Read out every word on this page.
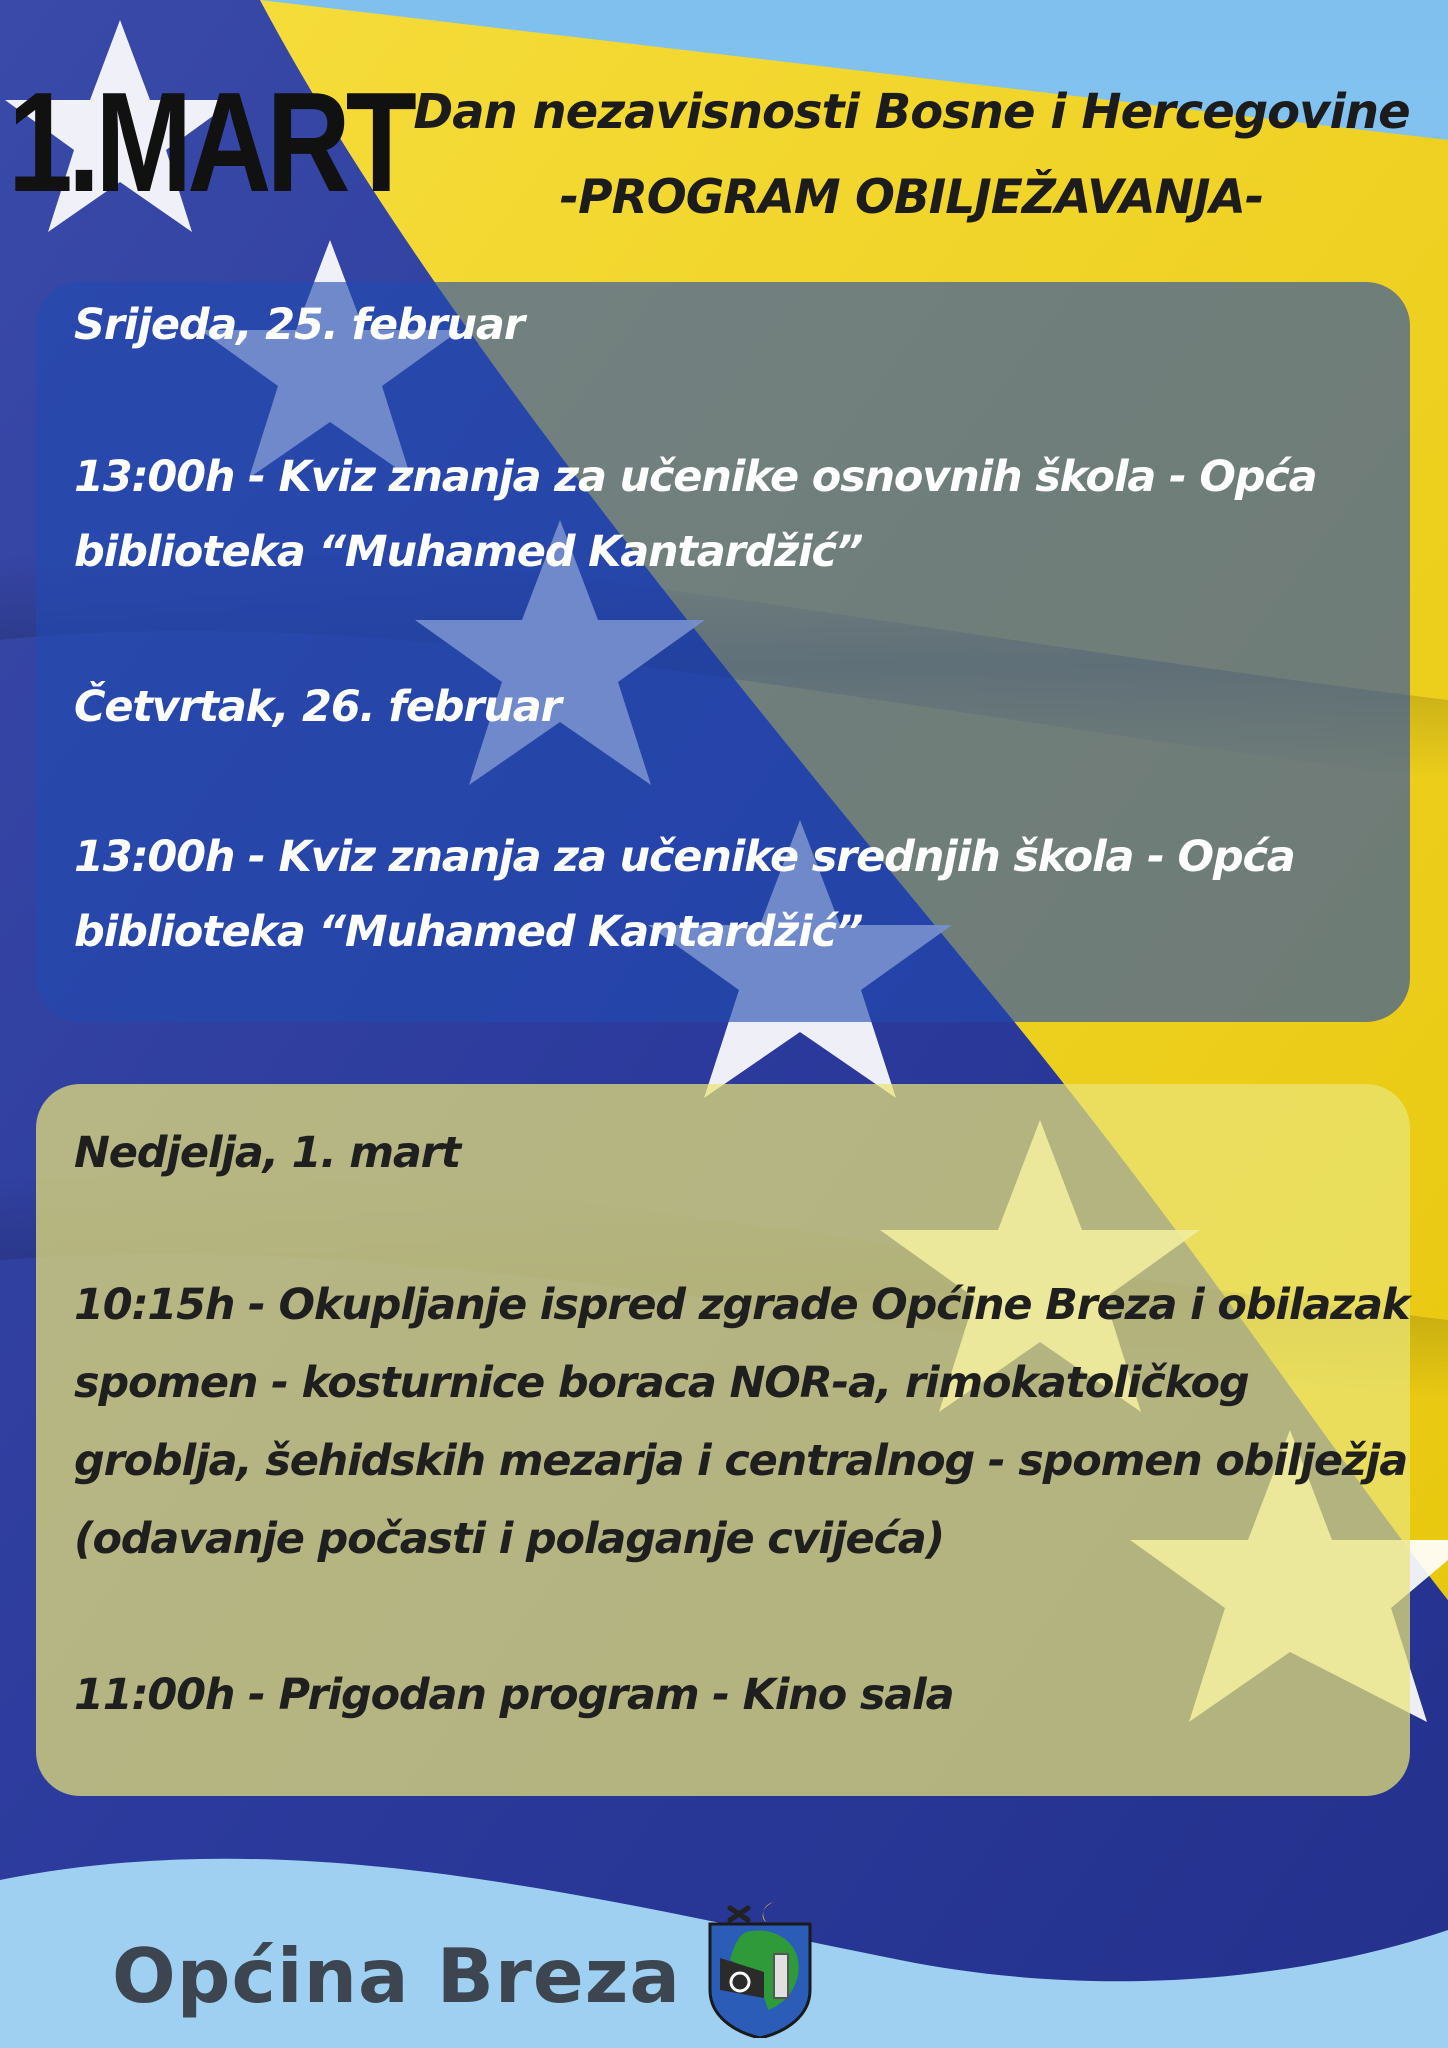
1.MART Dan nezavisnosti Bosne i Hercegovine

-PROGRAM OBILJEŽAVANJA-

Srijeda, 25. februar

13:00h - Kviz znanja za učenike osnovnih škola - Opća

biblioteka “Muhamed Kantardžić”

Četvrtak, 26. februar

13:00h - Kviz znanja za učenike srednjih škola - Opća

biblioteka “Muhamed Kantardžić”

Nedjelja, 1. mart

10:15h - Okupljanje ispred zgrade Općine Breza i obilazak

spomen - kosturnice boraca NOR-a, rimokatoličkog

groblja, šehidskih mezarja i centralnog - spomen obilježja

(odavanje počasti i polaganje cvijeća)

11:00h - Prigodan program - Kino sala

Općina Breza
